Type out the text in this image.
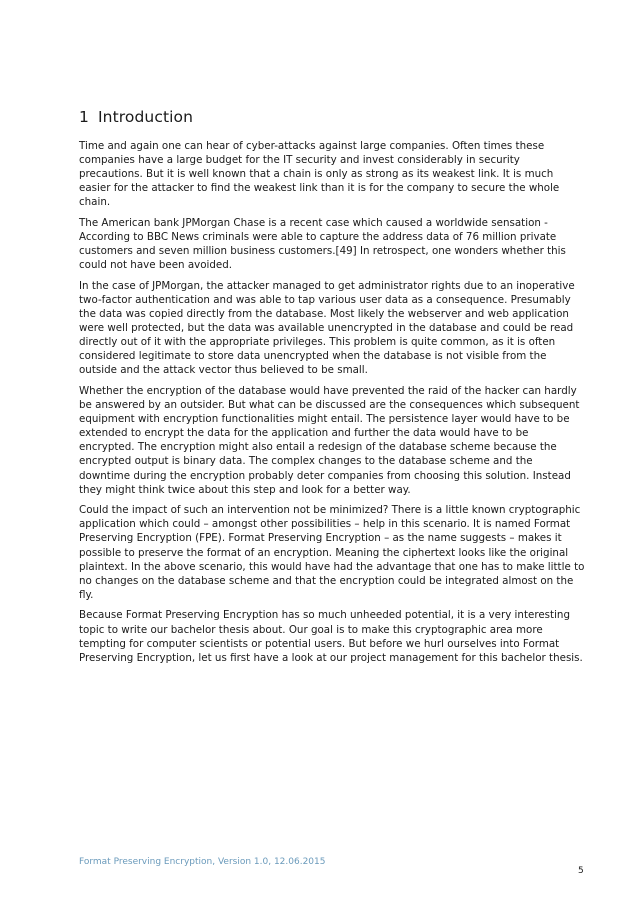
1 Introduction

Time and again one can hear of cyber-attacks against large companies. Often times these companies have a large budget for the IT security and invest considerably in security precautions. But it is well known that a chain is only as strong as its weakest link. It is much easier for the attacker to find the weakest link than it is for the company to secure the whole chain.

The American bank JPMorgan Chase is a recent case which caused a worldwide sensation - According to BBC News criminals were able to capture the address data of 76 million private customers and seven million business customers.[49] In retrospect, one wonders whether this could not have been avoided.

In the case of JPMorgan, the attacker managed to get administrator rights due to an inoperative two-factor authentication and was able to tap various user data as a consequence. Presumably the data was copied directly from the database. Most likely the webserver and web application were well protected, but the data was available unencrypted in the database and could be read directly out of it with the appropriate privileges. This problem is quite common, as it is often considered legitimate to store data unencrypted when the database is not visible from the outside and the attack vector thus believed to be small.

Whether the encryption of the database would have prevented the raid of the hacker can hardly be answered by an outsider. But what can be discussed are the consequences which subsequent equipment with encryption functionalities might entail. The persistence layer would have to be extended to encrypt the data for the application and further the data would have to be encrypted. The encryption might also entail a redesign of the database scheme because the encrypted output is binary data. The complex changes to the database scheme and the downtime during the encryption probably deter companies from choosing this solution. Instead they might think twice about this step and look for a better way.

Could the impact of such an intervention not be minimized? There is a little known cryptographic application which could – amongst other possibilities – help in this scenario. It is named Format Preserving Encryption (FPE). Format Preserving Encryption – as the name suggests – makes it possible to preserve the format of an encryption. Meaning the ciphertext looks like the original plaintext. In the above scenario, this would have had the advantage that one has to make little to no changes on the database scheme and that the encryption could be integrated almost on the fly.

Because Format Preserving Encryption has so much unheeded potential, it is a very interesting topic to write our bachelor thesis about. Our goal is to make this cryptographic area more tempting for computer scientists or potential users. But before we hurl ourselves into Format Preserving Encryption, let us first have a look at our project management for this bachelor thesis.

Format Preserving Encryption, Version 1.0, 12.06.2015
5
